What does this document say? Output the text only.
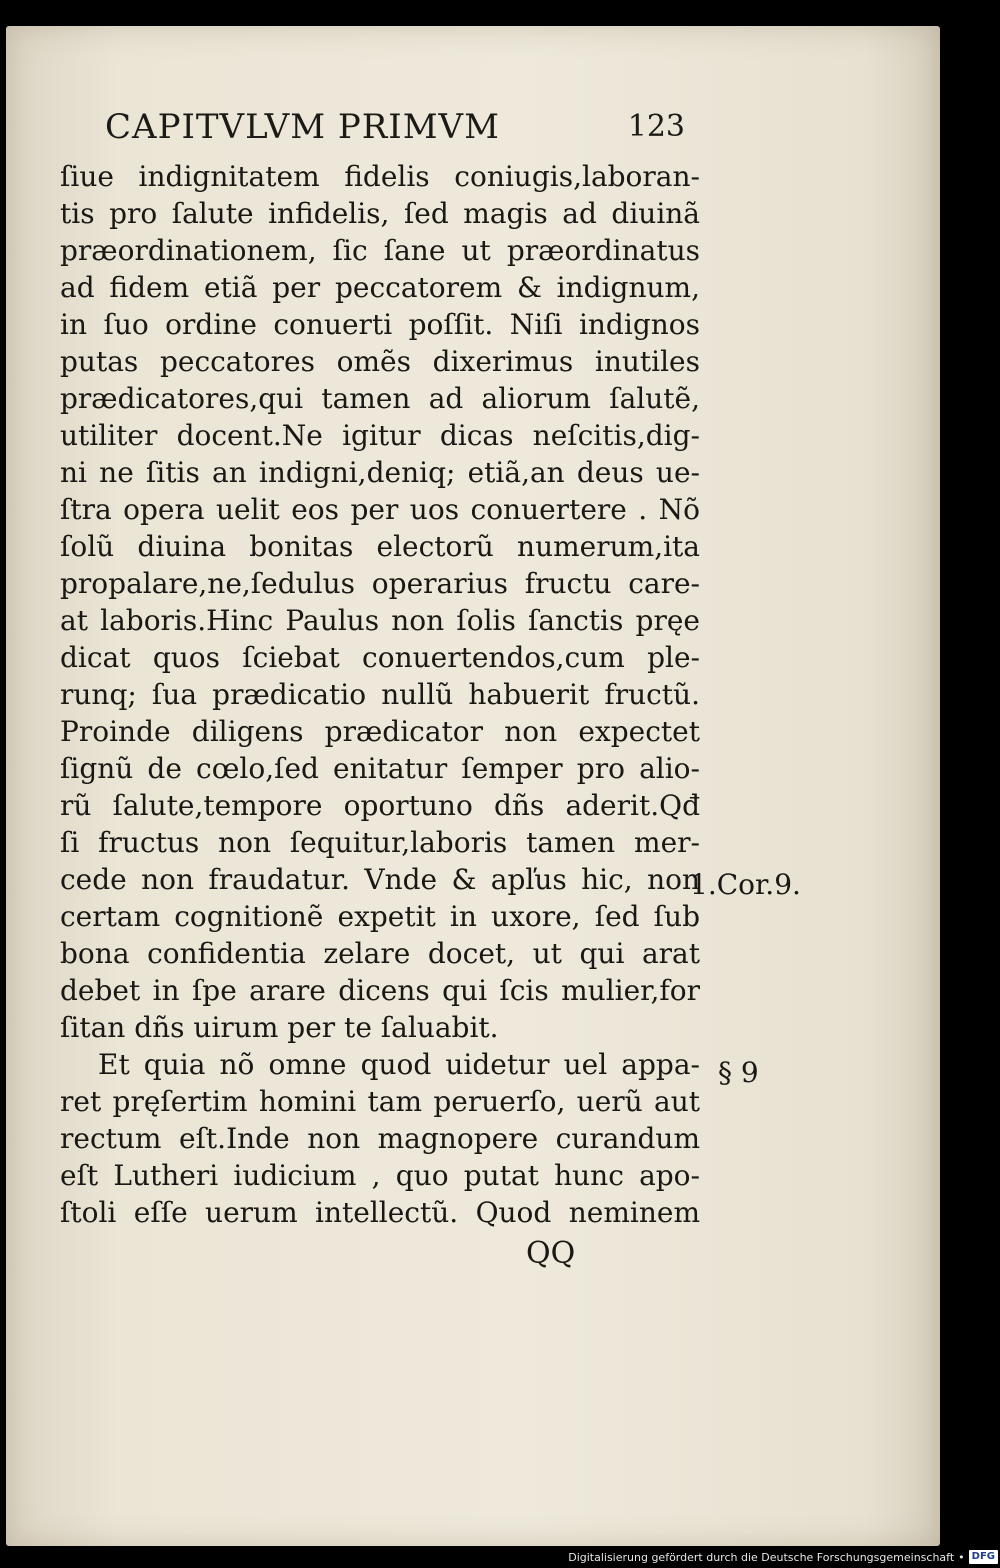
CAPITVLVM PRIMVM	123
ſiue indignitatem fidelis coniugis,laboran-
tis pro ſalute infidelis, ſed magis ad diuinã
præordinationem, ſic ſane ut præordinatus
ad fidem etiã per peccatorem & indignum,
in ſuo ordine conuerti poſſit. Niſi indignos
putas peccatores omẽs dixerimus inutiles
prædicatores,qui tamen ad aliorum ſalutẽ,
utiliter docent.Ne igitur dicas neſcitis,dig-
ni ne ſitis an indigni,deniq; etiã,an deus ue-
ſtra opera uelit eos per uos conuertere . Nõ
ſolũ diuina bonitas electorũ numerum,ita
propalare,ne,ſedulus operarius fructu care-
at laboris.Hinc Paulus non ſolis ſanctis pręe
dicat quos ſciebat conuertendos,cum ple-
runq; ſua prædicatio nullũ habuerit fructũ.
Proinde diligens prædicator non expectet
ſignũ de cœlo,ſed enitatur ſemper pro alio-
rũ ſalute,tempore oportuno dñs aderit.Qđ
ſi fructus non ſequitur,laboris tamen mer-
cede non fraudatur. Vnde & apľus hic, non
certam cognitionẽ expetit in uxore, ſed ſub
bona confidentia zelare docet, ut qui arat
debet in ſpe arare dicens qui ſcis mulier,for
ſitan dñs uirum per te ſaluabit.
Et quia nõ omne quod uidetur uel appa-
ret pręſertim homini tam peruerſo, uerũ aut
rectum eſt.Inde non magnopere curandum
eſt Lutheri iudicium , quo putat hunc apo-
ſtoli eſſe uerum intellectũ. Quod neminem
1.Cor.9.
§ 9
QQ
Digitalisierung gefördert durch die Deutsche Forschungsgemeinschaft • DFG
